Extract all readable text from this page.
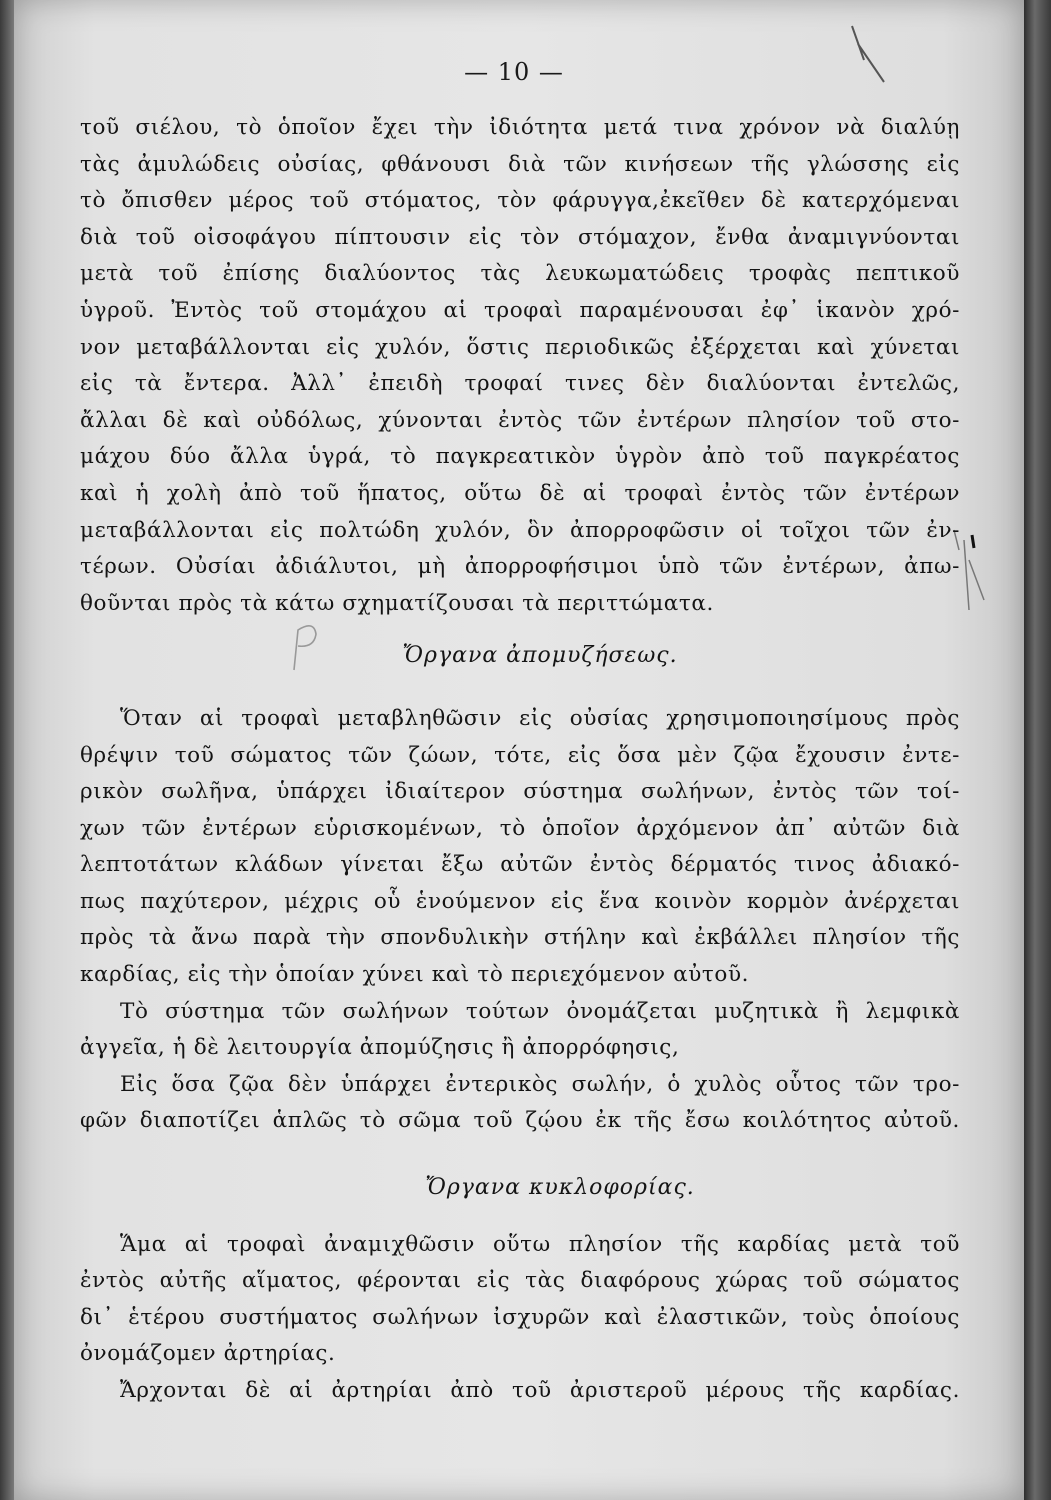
— 10 —
τοῦ σιέλου, τὸ ὁποῖον ἔχει τὴν ἰδιότητα μετά τινα χρόνον νὰ διαλύῃ
τὰς ἀμυλώδεις οὐσίας, φθάνουσι διὰ τῶν κινήσεων τῆς γλώσσης εἰς
τὸ ὄπισθεν μέρος τοῦ στόματος, τὸν φάρυγγα,ἐκεῖθεν δὲ κατερχόμεναι
διὰ τοῦ οἰσοφάγου πίπτουσιν εἰς τὸν στόμαχον, ἔνθα ἀναμιγνύονται
μετὰ τοῦ ἐπίσης διαλύοντος τὰς λευκωματώδεις τροφὰς πεπτικοῦ
ὑγροῦ. Ἐντὸς τοῦ στομάχου αἱ τροφαὶ παραμένουσαι ἐφ᾽ ἱκανὸν χρό-
νον μεταβάλλονται εἰς χυλόν, ὅστις περιοδικῶς ἐξέρχεται καὶ χύνεται
εἰς τὰ ἔντερα. Ἀλλ᾽ ἐπειδὴ τροφαί τινες δὲν διαλύονται ἐντελῶς,
ἄλλαι δὲ καὶ οὐδόλως, χύνονται ἐντὸς τῶν ἐντέρων πλησίον τοῦ στο-
μάχου δύο ἄλλα ὑγρά, τὸ παγκρεατικὸν ὑγρὸν ἀπὸ τοῦ παγκρέατος
καὶ ἡ χολὴ ἀπὸ τοῦ ἥπατος, οὕτω δὲ αἱ τροφαὶ ἐντὸς τῶν ἐντέρων
μεταβάλλονται εἰς πολτώδη χυλόν, ὃν ἀπορροφῶσιν οἱ τοῖχοι τῶν ἐν-
τέρων. Οὐσίαι ἀδιάλυτοι, μὴ ἀπορροφήσιμοι ὑπὸ τῶν ἐντέρων, ἀπω-
θοῦνται πρὸς τὰ κάτω σχηματίζουσαι τὰ περιττώματα.
Ὄργανα ἀπομυζήσεως.
Ὅταν αἱ τροφαὶ μεταβληθῶσιν εἰς οὐσίας χρησιμοποιησίμους πρὸς
θρέψιν τοῦ σώματος τῶν ζώων, τότε, εἰς ὅσα μὲν ζῷα ἔχουσιν ἐντε-
ρικὸν σωλῆνα, ὑπάρχει ἰδιαίτερον σύστημα σωλήνων, ἐντὸς τῶν τοί-
χων τῶν ἐντέρων εὑρισκομένων, τὸ ὁποῖον ἀρχόμενον ἀπ᾽ αὐτῶν διὰ
λεπτοτάτων κλάδων γίνεται ἔξω αὐτῶν ἐντὸς δέρματός τινος ἀδιακό-
πως παχύτερον, μέχρις οὗ ἑνούμενον εἰς ἕνα κοινὸν κορμὸν ἀνέρχεται
πρὸς τὰ ἄνω παρὰ τὴν σπονδυλικὴν στήλην καὶ ἐκβάλλει πλησίον τῆς
καρδίας, εἰς τὴν ὁποίαν χύνει καὶ τὸ περιεχόμενον αὐτοῦ.
Τὸ σύστημα τῶν σωλήνων τούτων ὀνομάζεται μυζητικὰ ἢ λεμφικὰ
ἀγγεῖα, ἡ δὲ λειτουργία ἀπομύζησις ἢ ἀπορρόφησις,
Εἰς ὅσα ζῷα δὲν ὑπάρχει ἐντερικὸς σωλήν, ὁ χυλὸς οὗτος τῶν τρο-
φῶν διαποτίζει ἁπλῶς τὸ σῶμα τοῦ ζῴου ἐκ τῆς ἔσω κοιλότητος αὐτοῦ.
Ὄργανα κυκλοφορίας.
Ἅμα αἱ τροφαὶ ἀναμιχθῶσιν οὕτω πλησίον τῆς καρδίας μετὰ τοῦ
ἐντὸς αὐτῆς αἵματος, φέρονται εἰς τὰς διαφόρους χώρας τοῦ σώματος
δι᾽ ἑτέρου συστήματος σωλήνων ἰσχυρῶν καὶ ἐλαστικῶν, τοὺς ὁποίους
ὀνομάζομεν ἀρτηρίας.
Ἄρχονται δὲ αἱ ἀρτηρίαι ἀπὸ τοῦ ἀριστεροῦ μέρους τῆς καρδίας.
